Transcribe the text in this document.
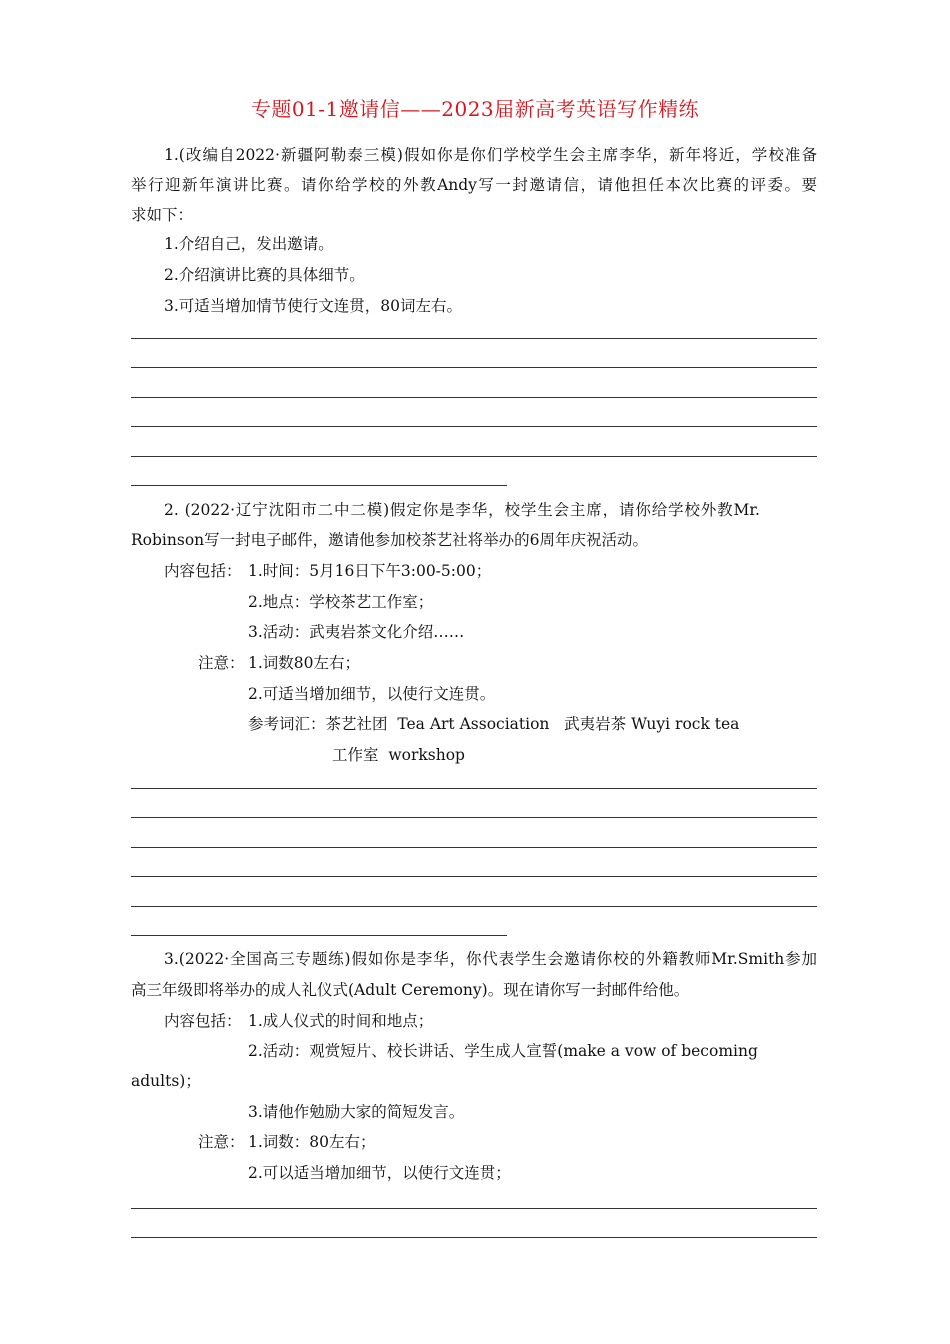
专题01-1邀请信——2023届新高考英语写作精练
1.(改编自2022·新疆阿勒泰三模)假如你是你们学校学生会主席李华，新年将近，学校准备
举行迎新年演讲比赛。请你给学校的外教Andy写一封邀请信，请他担任本次比赛的评委。要
求如下：
1.介绍自己，发出邀请。
2.介绍演讲比赛的具体细节。
3.可适当增加情节使行文连贯，80词左右。
2. (2022·辽宁沈阳市二中二模)假定你是李华，校学生会主席，请你给学校外教Mr.
Robinson写一封电子邮件，邀请他参加校茶艺社将举办的6周年庆祝活动。
内容包括： 1.时间：5月16日下午3:00-5:00；
2.地点：学校茶艺工作室；
3.活动：武夷岩茶文化介绍……
注意： 1.词数80左右；
2.可适当增加细节，以使行文连贯。
参考词汇：茶艺社团  Tea Art Association   武夷岩茶 Wuyi rock tea
工作室  workshop
3.(2022·全国高三专题练)假如你是李华，你代表学生会邀请你校的外籍教师Mr.Smith参加
高三年级即将举办的成人礼仪式(Adult Ceremony)。现在请你写一封邮件给他。
内容包括： 1.成人仪式的时间和地点；
2.活动：观赏短片、校长讲话、学生成人宣誓(make a vow of becoming
adults)；
3.请他作勉励大家的简短发言。
注意： 1.词数：80左右；
2.可以适当增加细节，以使行文连贯；
